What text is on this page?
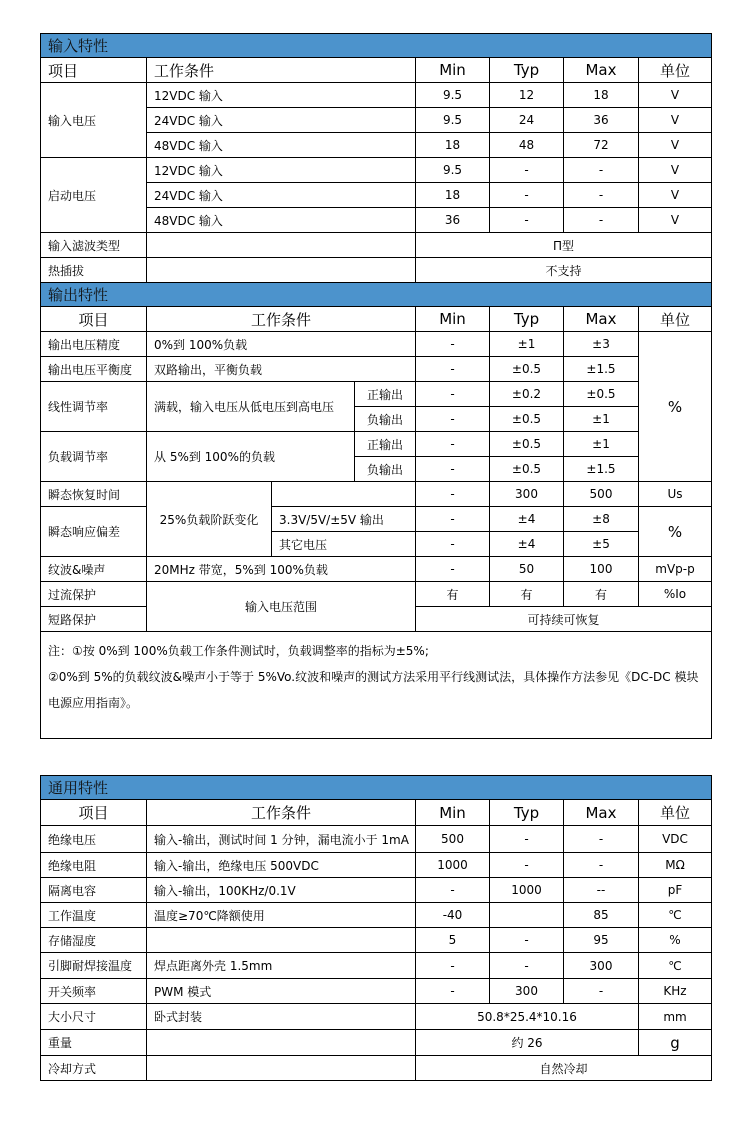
输入特性							
项目	工作条件			Min	Typ	Max	单位
输入电压	12VDC 输入			9.5	12	18	V
	24VDC 输入			9.5	24	36	V
	48VDC 输入			18	48	72	V
启动电压	12VDC 输入			9.5	-	-	V
	24VDC 输入			18	-	-	V
	48VDC 输入			36	-	-	V
输入滤波类型				Π型			
热插拔				不支持			
输出特性							
项目	工作条件			Min	Typ	Max	单位
输出电压精度	0%到 100%负载			-	±1	±3	%
输出电压平衡度	双路输出，平衡负载			-	±0.5	±1.5	
线性调节率	满载，输入电压从低电压到高电压		正输出	-	±0.2	±0.5	
			负输出	-	±0.5	±1	
负载调节率	从 5%到 100%的负载		正输出	-	±0.5	±1	
			负输出	-	±0.5	±1.5	
瞬态恢复时间	25%负载阶跃变化			-	300	500	Us
瞬态响应偏差		3.3V/5V/±5V 输出		-	±4	±8	%
		其它电压		-	±4	±5	
纹波&噪声	20MHz 带宽，5%到 100%负载			-	50	100	mVp-p
过流保护	输入电压范围			有	有	有	%Io
短路保护				可持续可恢复			

注：①按 0%到 100%负载工作条件测试时，负载调整率的指标为±5%;
②0%到 5%的负载纹波&噪声小于等于 5%Vo.纹波和噪声的测试方法采用平行线测试法，具体操作方法参见《DC-DC 模块电源应用指南》。							
通用特性					
项目	工作条件	Min	Typ	Max	单位
绝缘电压	输入-输出，测试时间 1 分钟，漏电流小于 1mA	500	-	-	VDC
绝缘电阻	输入-输出，绝缘电压 500VDC	1000	-	-	MΩ
隔离电容	输入-输出，100KHz/0.1V	-	1000	--	pF
工作温度	温度≥70℃降额使用	-40		85	℃
存储湿度		5	-	95	%
引脚耐焊接温度	焊点距离外壳 1.5mm	-	-	300	℃
开关频率	PWM 模式	-	300	-	KHz
大小尺寸	卧式封装	50.8*25.4*10.16			mm
重量		约 26			g
冷却方式		自然冷却			
